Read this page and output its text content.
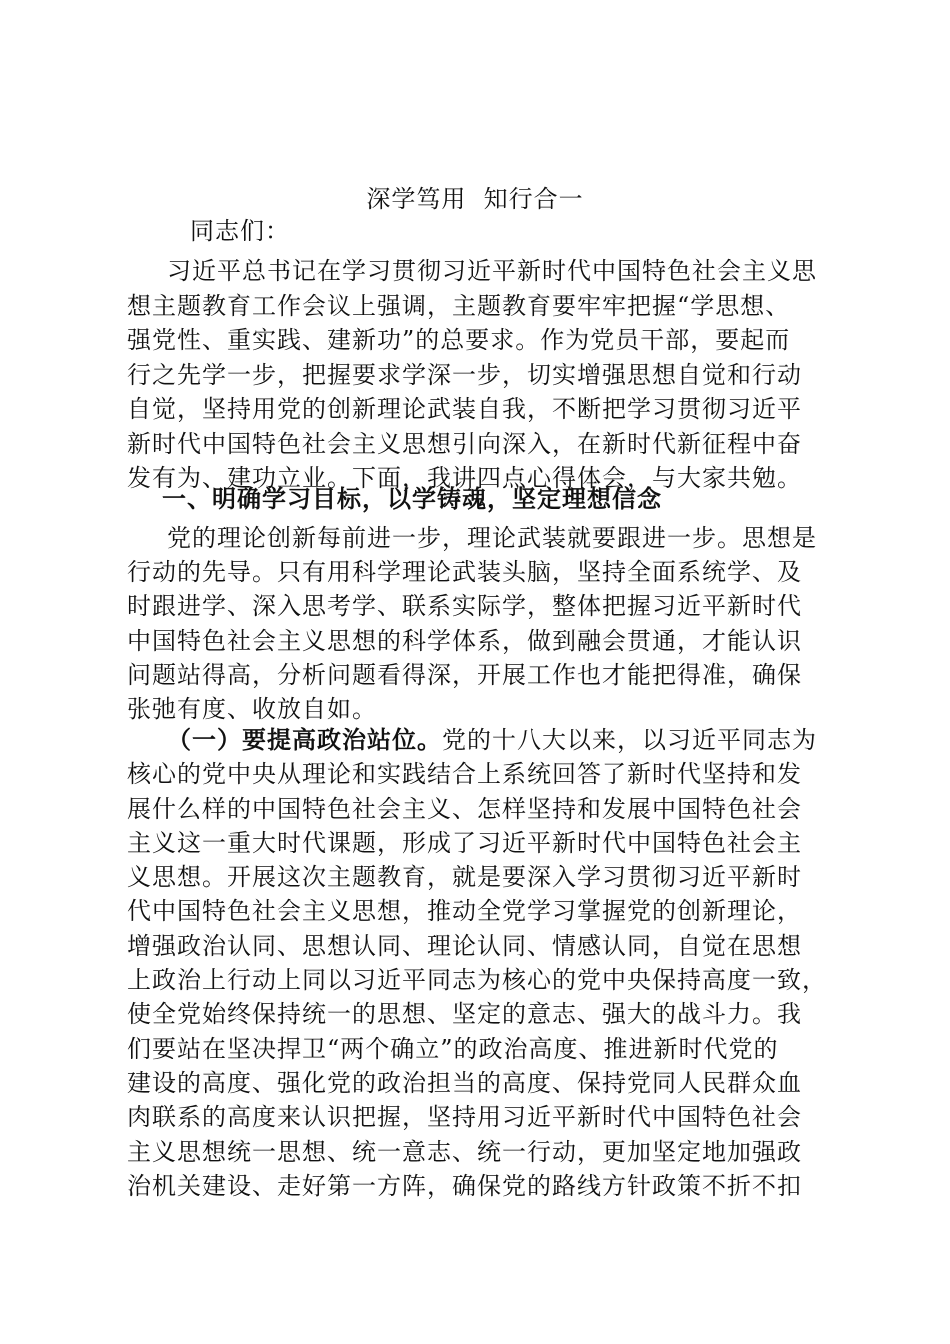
深学笃用  知行合一
同志们：
习近平总书记在学习贯彻习近平新时代中国特色社会主义思
想主题教育工作会议上强调，主题教育要牢牢把握“学思想、
强党性、重实践、建新功”的总要求。作为党员干部，要起而
行之先学一步，把握要求学深一步，切实增强思想自觉和行动
自觉，坚持用党的创新理论武装自我，不断把学习贯彻习近平
新时代中国特色社会主义思想引向深入，在新时代新征程中奋
发有为、建功立业。下面，我讲四点心得体会，与大家共勉。
一、明确学习目标，以学铸魂，坚定理想信念
党的理论创新每前进一步，理论武装就要跟进一步。思想是
行动的先导。只有用科学理论武装头脑，坚持全面系统学、及
时跟进学、深入思考学、联系实际学，整体把握习近平新时代
中国特色社会主义思想的科学体系，做到融会贯通，才能认识
问题站得高，分析问题看得深，开展工作也才能把得准，确保
张弛有度、收放自如。
（一）要提高政治站位。党的十八大以来，以习近平同志为
核心的党中央从理论和实践结合上系统回答了新时代坚持和发
展什么样的中国特色社会主义、怎样坚持和发展中国特色社会
主义这一重大时代课题，形成了习近平新时代中国特色社会主
义思想。开展这次主题教育，就是要深入学习贯彻习近平新时
代中国特色社会主义思想，推动全党学习掌握党的创新理论，
增强政治认同、思想认同、理论认同、情感认同，自觉在思想
上政治上行动上同以习近平同志为核心的党中央保持高度一致，
使全党始终保持统一的思想、坚定的意志、强大的战斗力。我
们要站在坚决捍卫“两个确立”的政治高度、推进新时代党的
建设的高度、强化党的政治担当的高度、保持党同人民群众血
肉联系的高度来认识把握，坚持用习近平新时代中国特色社会
主义思想统一思想、统一意志、统一行动，更加坚定地加强政
治机关建设、走好第一方阵，确保党的路线方针政策不折不扣
